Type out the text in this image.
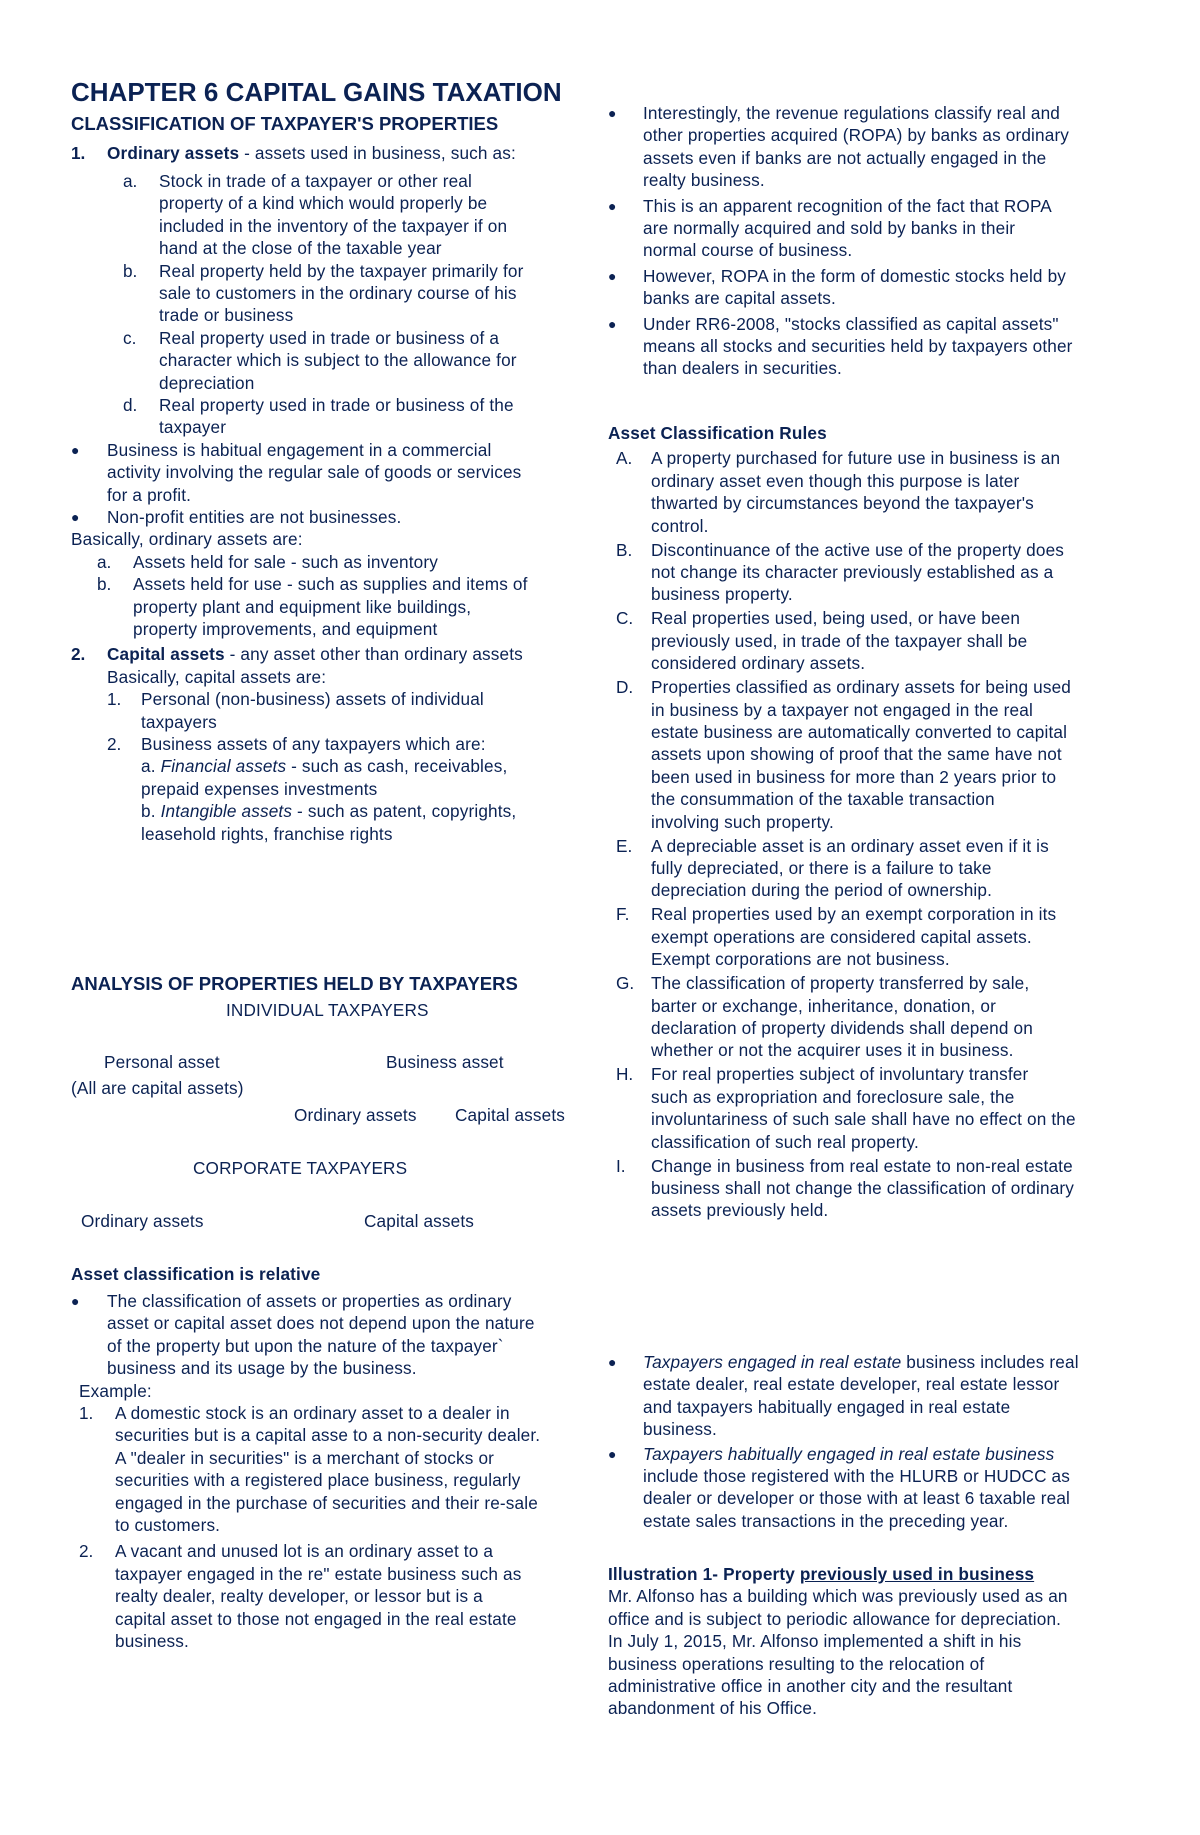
CHAPTER 6 CAPITAL GAINS TAXATION
CLASSIFICATION OF TAXPAYER'S PROPERTIES
1. Ordinary assets - assets used in business, such as:
a. Stock in trade of a taxpayer or other real
property of a kind which would properly be
included in the inventory of the taxpayer if on
hand at the close of the taxable year
b. Real property held by the taxpayer primarily for
sale to customers in the ordinary course of his
trade or business
c. Real property used in trade or business of a
character which is subject to the allowance for
depreciation
d. Real property used in trade or business of the
taxpayer
● Business is habitual engagement in a commercial
activity involving the regular sale of goods or services
for a profit.
● Non-profit entities are not businesses.
Basically, ordinary assets are:
a. Assets held for sale - such as inventory
b. Assets held for use - such as supplies and items of
property plant and equipment like buildings,
property improvements, and equipment
2. Capital assets - any asset other than ordinary assets
Basically, capital assets are:
1. Personal (non-business) assets of individual
taxpayers
2. Business assets of any taxpayers which are:
a. Financial assets - such as cash, receivables,
prepaid expenses investments
b. Intangible assets - such as patent, copyrights,
leasehold rights, franchise rights
ANALYSIS OF PROPERTIES HELD BY TAXPAYERS
INDIVIDUAL TAXPAYERS
Personal asset	Business asset
(All are capital assets)
Ordinary assets Capital assets
CORPORATE TAXPAYERS
Ordinary assets	Capital assets
Asset classification is relative
● The classification of assets or properties as ordinary
asset or capital asset does not depend upon the nature
of the property but upon the nature of the taxpayer`
business and its usage by the business.
Example:
1. A domestic stock is an ordinary asset to a dealer in
securities but is a capital asse to a non-security dealer.
A "dealer in securities" is a merchant of stocks or
securities with a registered place business, regularly
engaged in the purchase of securities and their re-sale
to customers.
2. A vacant and unused lot is an ordinary asset to a
taxpayer engaged in the re" estate business such as
realty dealer, realty developer, or lessor but is a
capital asset to those not engaged in the real estate
business.
● Interestingly, the revenue regulations classify real and
other properties acquired (ROPA) by banks as ordinary
assets even if banks are not actually engaged in the
realty business.
● This is an apparent recognition of the fact that ROPA
are normally acquired and sold by banks in their
normal course of business.
● However, ROPA in the form of domestic stocks held by
banks are capital assets.
● Under RR6-2008, "stocks classified as capital assets"
means all stocks and securities held by taxpayers other
than dealers in securities.
Asset Classification Rules
A. A property purchased for future use in business is an
ordinary asset even though this purpose is later
thwarted by circumstances beyond the taxpayer's
control.
B. Discontinuance of the active use of the property does
not change its character previously established as a
business property.
C. Real properties used, being used, or have been
previously used, in trade of the taxpayer shall be
considered ordinary assets.
D. Properties classified as ordinary assets for being used
in business by a taxpayer not engaged in the real
estate business are automatically converted to capital
assets upon showing of proof that the same have not
been used in business for more than 2 years prior to
the consummation of the taxable transaction
involving such property.
E. A depreciable asset is an ordinary asset even if it is
fully depreciated, or there is a failure to take
depreciation during the period of ownership.
F. Real properties used by an exempt corporation in its
exempt operations are considered capital assets.
Exempt corporations are not business.
G. The classification of property transferred by sale,
barter or exchange, inheritance, donation, or
declaration of property dividends shall depend on
whether or not the acquirer uses it in business.
H. For real properties subject of involuntary transfer
such as expropriation and foreclosure sale, the
involuntariness of such sale shall have no effect on the
classification of such real property.
I. Change in business from real estate to non-real estate
business shall not change the classification of ordinary
assets previously held.
● Taxpayers engaged in real estate business includes real
estate dealer, real estate developer, real estate lessor
and taxpayers habitually engaged in real estate
business.
● Taxpayers habitually engaged in real estate business
include those registered with the HLURB or HUDCC as
dealer or developer or those with at least 6 taxable real
estate sales transactions in the preceding year.
Illustration 1- Property previously used in business
Mr. Alfonso has a building which was previously used as an
office and is subject to periodic allowance for depreciation.
In July 1, 2015, Mr. Alfonso implemented a shift in his
business operations resulting to the relocation of
administrative office in another city and the resultant
abandonment of his Office.
